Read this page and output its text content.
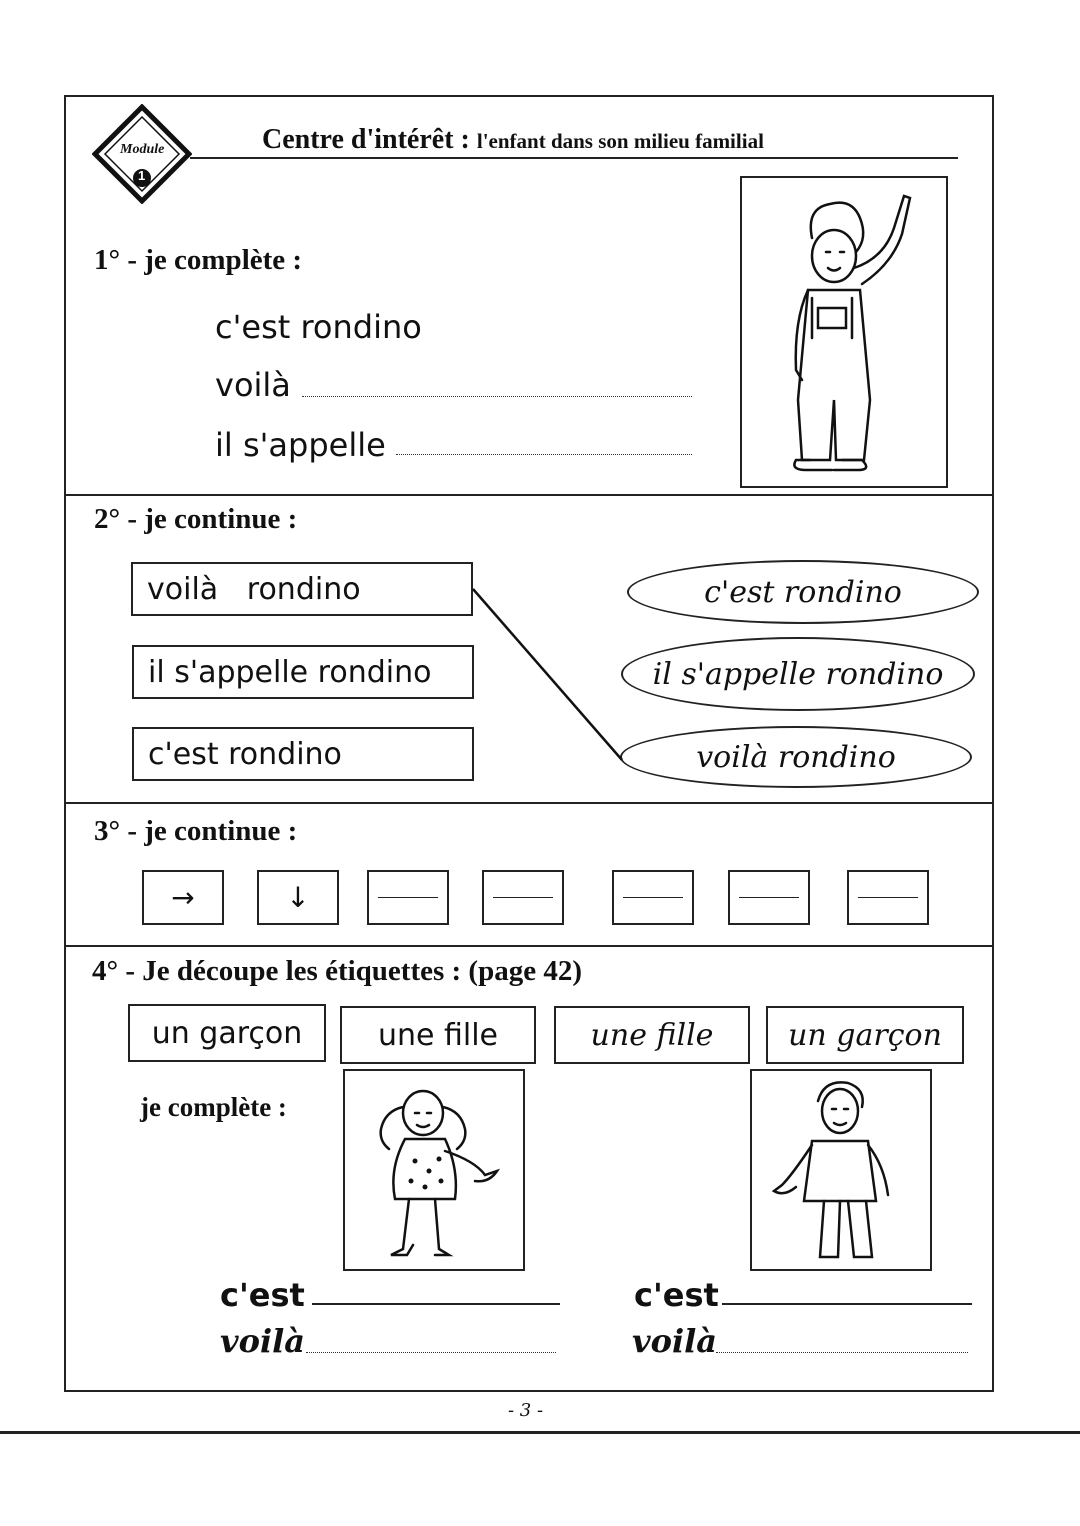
Module
1
Centre d'intérêt : l'enfant dans son milieu familial
1° - je complète :
c'est rondino
voilà
il s'appelle
2° - je continue :
voilà   rondino
il s'appelle rondino
c'est rondino
c'est rondino
il s'appelle rondino
voilà rondino
3° - je continue :
→	↓
4° - Je découpe les étiquettes : (page 42)
un garçon	une fille	une fille un garçon
je complète :
c'est
voilà
c'est
voilà
- 3 -
